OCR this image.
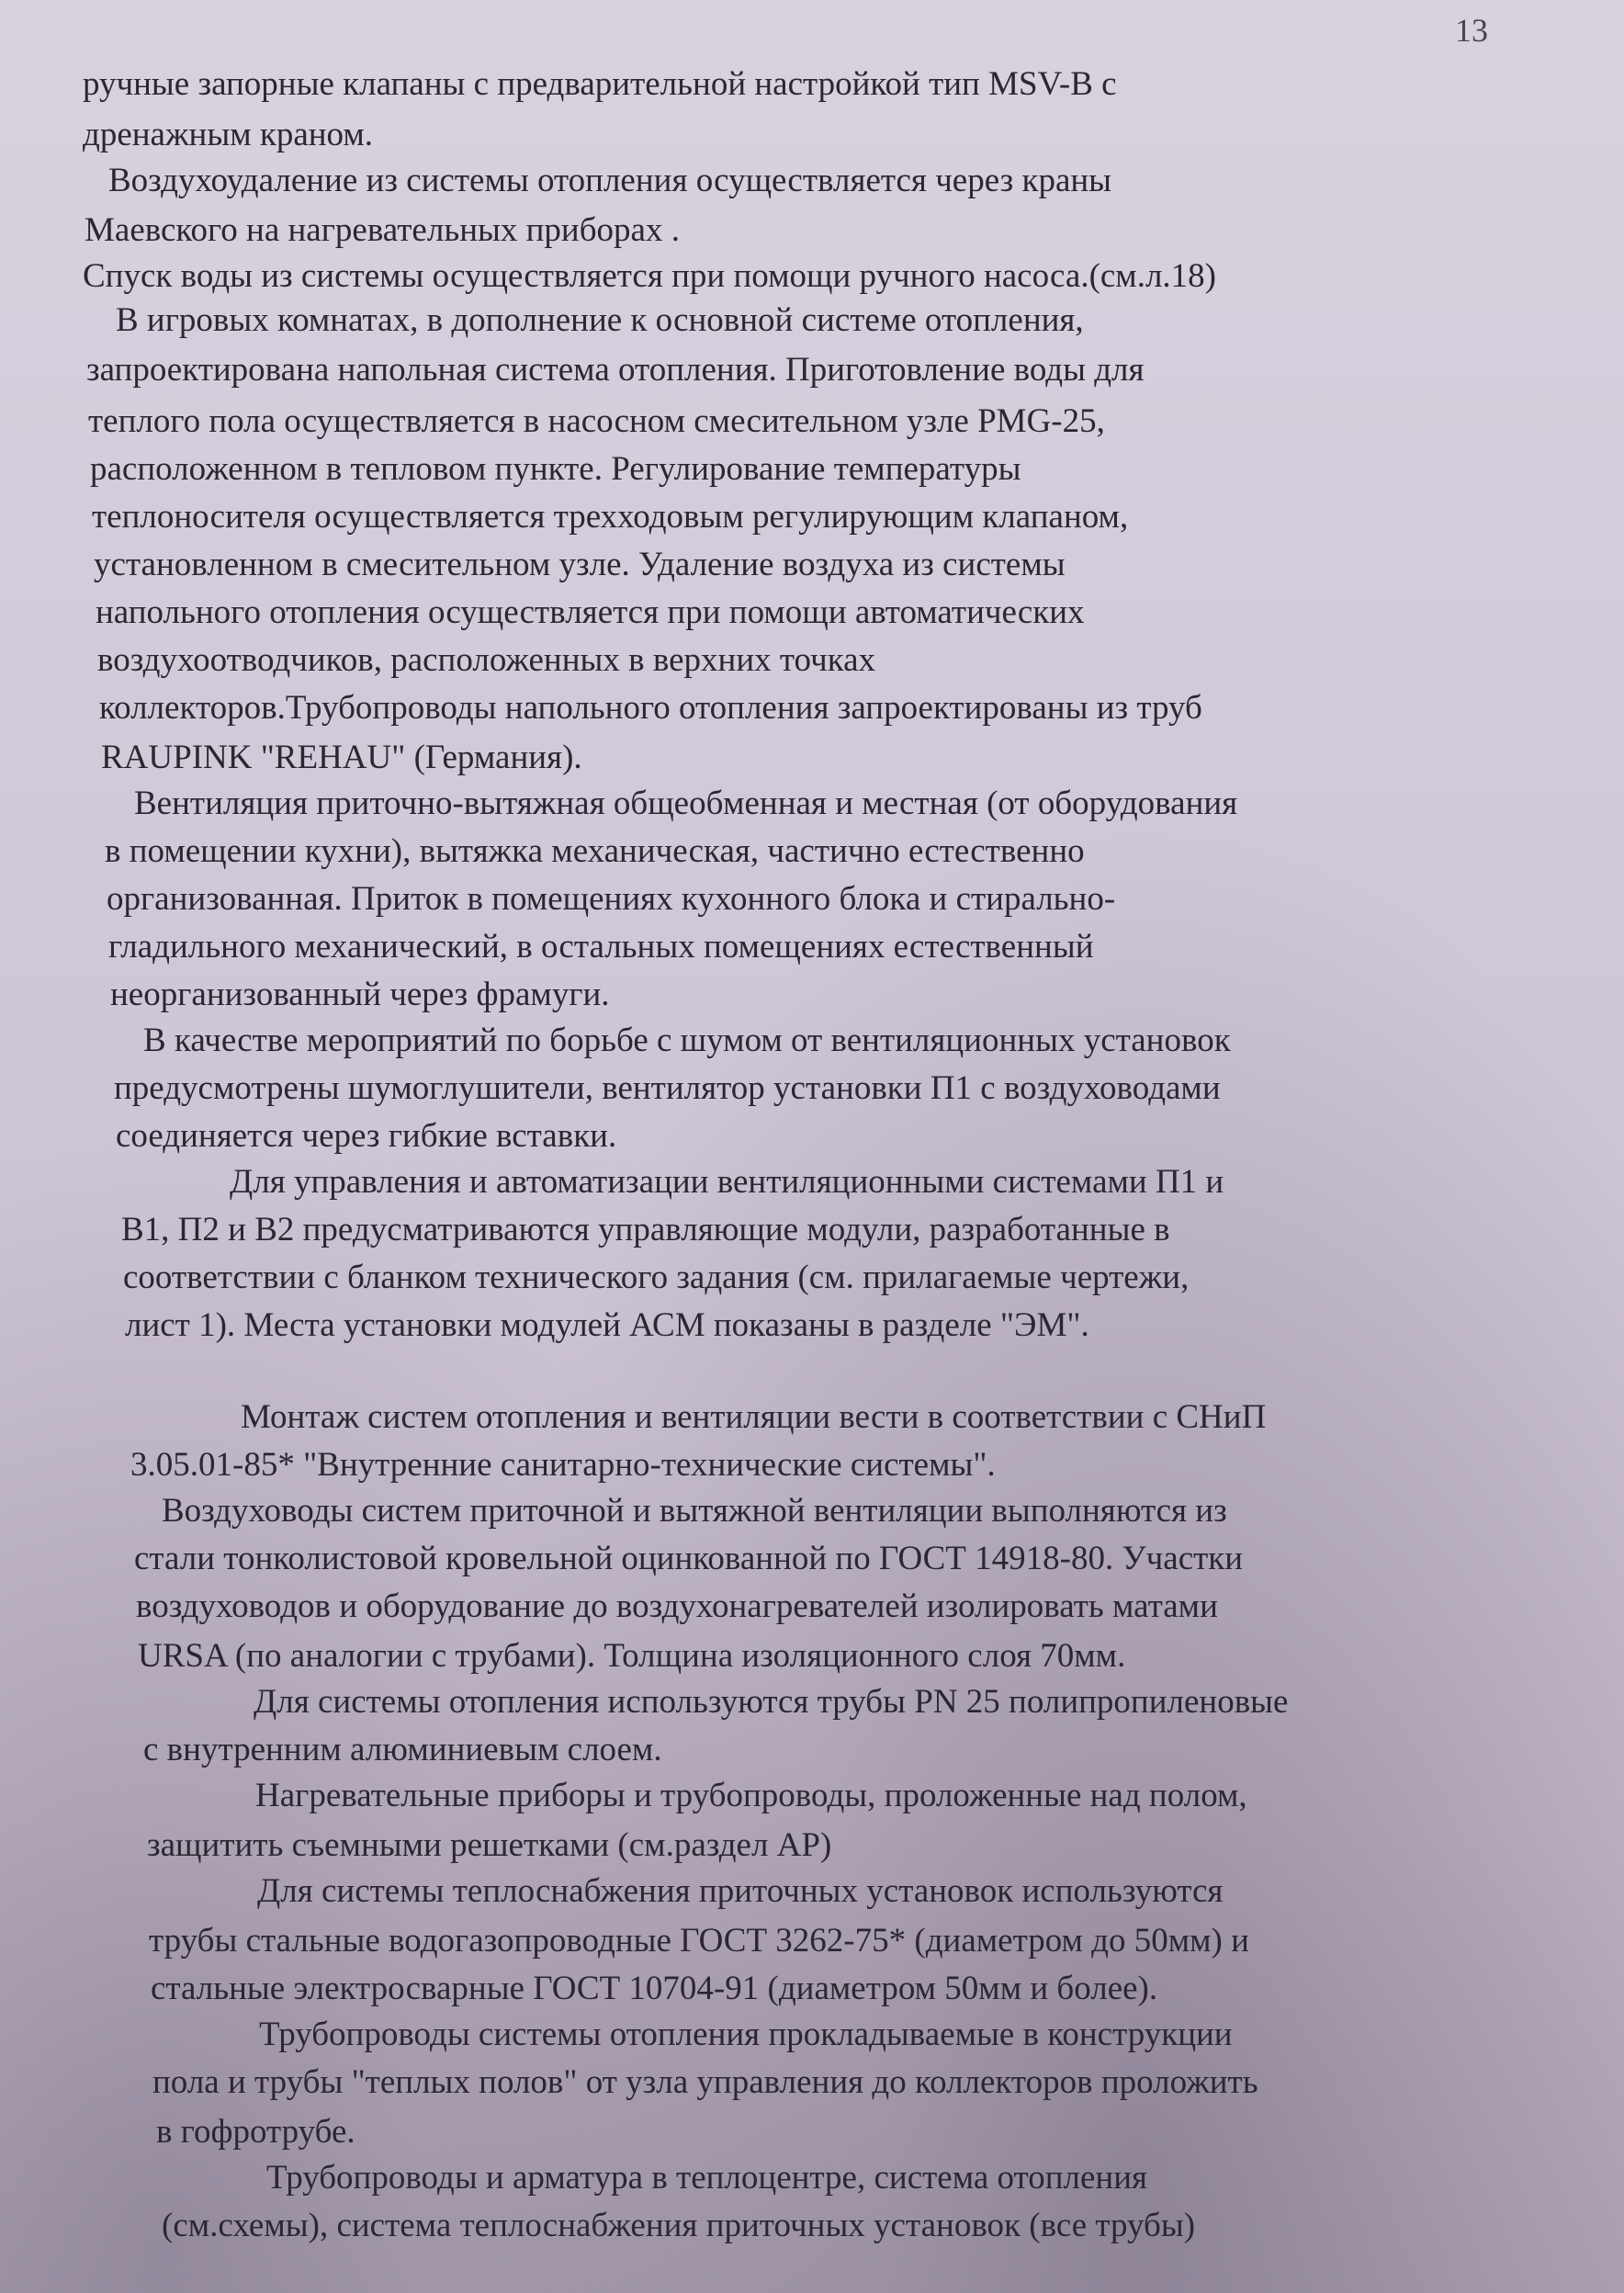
13
ручные запорные клапаны с предварительной настройкой тип MSV-B с
дренажным краном.
Воздухоудаление из системы отопления осуществляется через краны
Маевского на нагревательных приборах .
Спуск воды из системы осуществляется при помощи ручного насоса.(см.л.18)
В игровых комнатах, в дополнение к основной системе отопления,
запроектирована напольная система отопления. Приготовление воды для
теплого пола осуществляется в насосном смесительном узле PMG-25,
расположенном в тепловом пункте. Регулирование температуры
теплоносителя осуществляется трехходовым регулирующим клапаном,
установленном в смесительном узле. Удаление воздуха из системы
напольного отопления осуществляется при помощи автоматических
воздухоотводчиков, расположенных в верхних точках
коллекторов.Трубопроводы напольного отопления запроектированы из труб
RAUPINK "REHAU" (Германия).
Вентиляция приточно-вытяжная общеобменная и местная (от оборудования
в помещении кухни), вытяжка механическая, частично естественно
организованная. Приток в помещениях кухонного блока и стирально-
гладильного механический, в остальных помещениях естественный
неорганизованный через фрамуги.
В качестве мероприятий по борьбе с шумом от вентиляционных установок
предусмотрены шумоглушители, вентилятор установки П1 с воздуховодами
соединяется через гибкие вставки.
Для управления и автоматизации вентиляционными системами П1 и
В1, П2 и В2 предусматриваются управляющие модули, разработанные в
соответствии с бланком технического задания (см. прилагаемые чертежи,
лист 1). Места установки модулей АСМ показаны в разделе "ЭМ".
Монтаж систем отопления и вентиляции вести в соответствии с СНиП
3.05.01-85* "Внутренние санитарно-технические системы".
Воздуховоды систем приточной и вытяжной вентиляции выполняются из
стали тонколистовой кровельной оцинкованной по ГОСТ 14918-80. Участки
воздуховодов и оборудование до воздухонагревателей изолировать матами
URSA (по аналогии с трубами). Толщина изоляционного слоя 70мм.
Для системы отопления используются трубы PN 25 полипропиленовые
с внутренним алюминиевым слоем.
Нагревательные приборы и трубопроводы, проложенные над полом,
защитить съемными решетками (см.раздел АР)
Для системы теплоснабжения приточных установок используются
трубы стальные водогазопроводные ГОСТ 3262-75* (диаметром до 50мм) и
стальные электросварные ГОСТ 10704-91 (диаметром 50мм и более).
Трубопроводы системы отопления прокладываемые в конструкции
пола и трубы "теплых полов" от узла управления до коллекторов проложить
в гофротрубе.
Трубопроводы и арматура в теплоцентре, система отопления
(см.схемы), система теплоснабжения приточных установок (все трубы)
